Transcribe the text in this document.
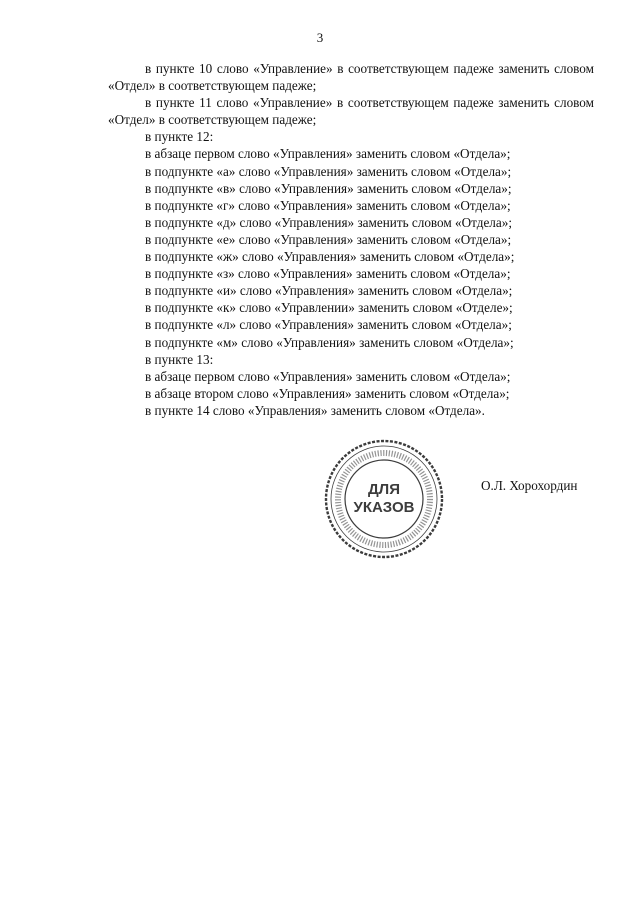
3

в пункте 10 слово «Управление» в соответствующем падеже заменить словом «Отдел» в соответствующем падеже;

в пункте 11 слово «Управление» в соответствующем падеже заменить словом «Отдел» в соответствующем падеже;

в пункте 12:

в абзаце первом слово «Управления» заменить словом «Отдела»;

в подпункте «а» слово «Управления» заменить словом «Отдела»;

в подпункте «в» слово «Управления» заменить словом «Отдела»;

в подпункте «г» слово «Управления» заменить словом «Отдела»;

в подпункте «д» слово «Управления» заменить словом «Отдела»;

в подпункте «е» слово «Управления» заменить словом «Отдела»;

в подпункте «ж» слово «Управления» заменить словом «Отдела»;

в подпункте «з» слово «Управления» заменить словом «Отдела»;

в подпункте «и» слово «Управления» заменить словом «Отдела»;

в подпункте «к» слово «Управлении» заменить словом «Отделе»;

в подпункте «л» слово «Управления» заменить словом «Отдела»;

в подпункте «м» слово «Управления» заменить словом «Отдела»;

в пункте 13:

в абзаце первом слово «Управления» заменить словом «Отдела»;

в абзаце втором слово «Управления» заменить словом «Отдела»;

в пункте 14 слово «Управления» заменить словом «Отдела».

ДЛЯ
УКАЗОВ
О.Л. Хорохордин
